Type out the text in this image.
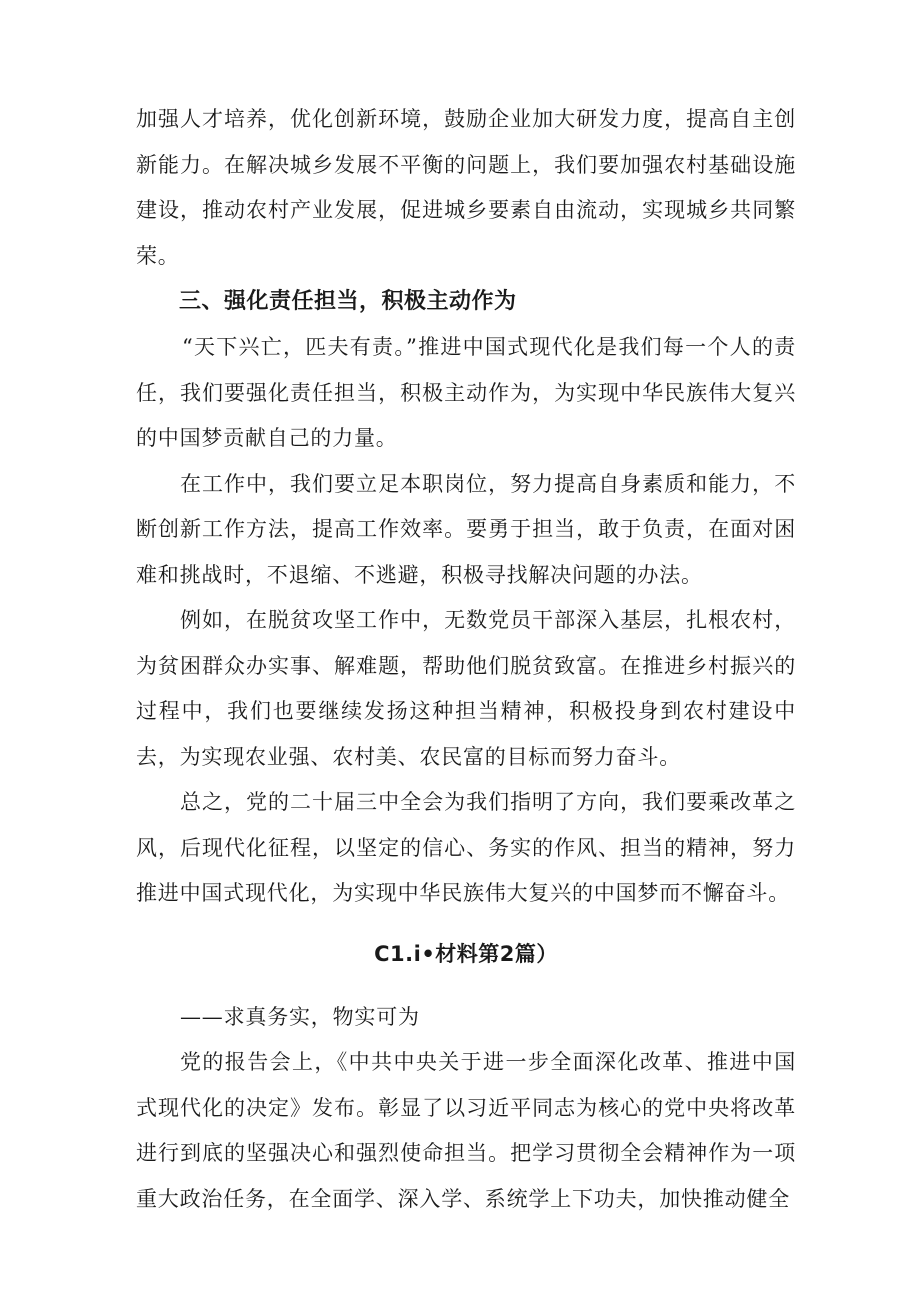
加强人才培养，优化创新环境，鼓励企业加大研发力度，提高自主创新能力。在解决城乡发展不平衡的问题上，我们要加强农村基础设施建设，推动农村产业发展，促进城乡要素自由流动，实现城乡共同繁荣。

三、强化责任担当，积极主动作为

“天下兴亡，匹夫有责。”推进中国式现代化是我们每一个人的责任，我们要强化责任担当，积极主动作为，为实现中华民族伟大复兴的中国梦贡献自己的力量。

在工作中，我们要立足本职岗位，努力提高自身素质和能力，不断创新工作方法，提高工作效率。要勇于担当，敢于负责，在面对困难和挑战时，不退缩、不逃避，积极寻找解决问题的办法。

例如，在脱贫攻坚工作中，无数党员干部深入基层，扎根农村，为贫困群众办实事、解难题，帮助他们脱贫致富。在推进乡村振兴的过程中，我们也要继续发扬这种担当精神，积极投身到农村建设中去，为实现农业强、农村美、农民富的目标而努力奋斗。

总之，党的二十届三中全会为我们指明了方向，我们要乘改革之风，后现代化征程，以坚定的信心、务实的作风、担当的精神，努力推进中国式现代化，为实现中华民族伟大复兴的中国梦而不懈奋斗。

C1.i•材料第2篇）

——求真务实，物实可为

党的报告会上，《中共中央关于进一步全面深化改革、推进中国式现代化的决定》发布。彰显了以习近平同志为核心的党中央将改革进行到底的坚强决心和强烈使命担当。把学习贯彻全会精神作为一项重大政治任务，在全面学、深入学、系统学上下功夫，加快推动健全
